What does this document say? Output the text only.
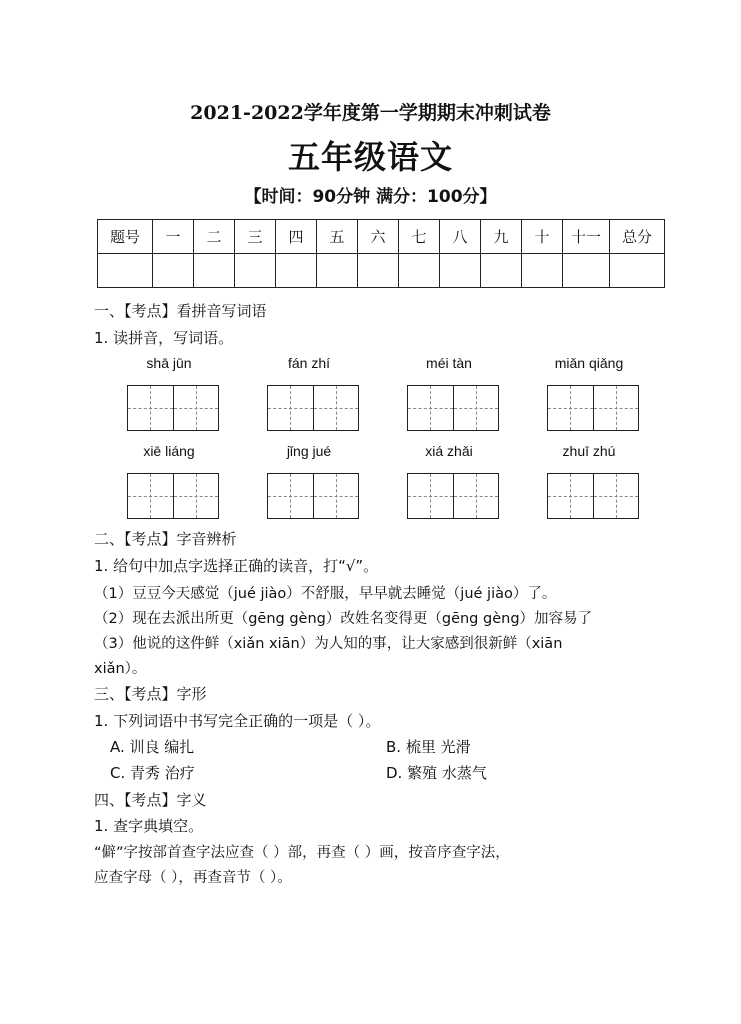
2021-2022学年度第一学期期末冲刺试卷
五年级语文
【时间：90分钟 满分：100分】
题号	一	二	三	四	五	六	七	八	九	十	十一	总分

一、【考点】看拼音写词语
1. 读拼音，写词语。
shā jūn	fán zhí	méi tàn	miǎn qiǎng
xiē liáng	jǐng jué	xiá zhǎi	zhuī zhú
二、【考点】字音辨析
1. 给句中加点字选择正确的读音，打“√”。
（1）豆豆今天感觉（jué jiào）不舒服，早早就去睡觉（jué jiào）了。
（2）现在去派出所更（gēng gèng）改姓名变得更（gēng gèng）加容易了
（3）他说的这件鲜（xiǎn xiān）为人知的事，让大家感到很新鲜（xiān
xiǎn）。
三、【考点】字形
1. 下列词语中书写完全正确的一项是（ ）。
A. 训良 编扎	B. 梳里 光滑
C. 青秀 治疗	D. 繁殖 水蒸气
四、【考点】字义
1. 查字典填空。
“僻”字按部首查字法应查（ ）部，再查（ ）画，按音序查字法，
应查字母（ ），再查音节（ ）。
